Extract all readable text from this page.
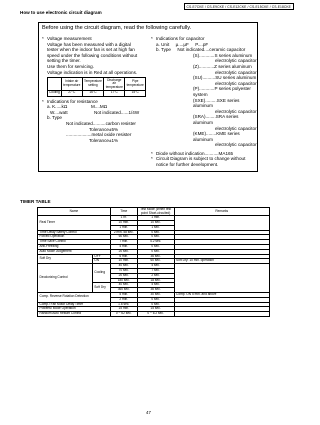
CS-E7CKE / CS-E9CKE / CS-E12CKE / CS-E15CKE / CS-E18CKE
How to use electronic circuit diagram
Before using the circuit diagram, read the following carefully.
* Voltage measurement
Voltage has been measured with a digital
tester when the indoor fan is set at high fan
speed under the following conditions without
setting the timer.
Use them for servicing.
Voltage indication is in Red at all operations.
	Intake air temperature	Temperature setting	Discharge air temperature	Pipe temperature
Cooling	27°C	16°C	17°C	15°C
* Indications for resistance
a. K.....kΩ	M....MΩ
W....watt	Not indicated......1/4W
b. Type
Not indicated..........carbon resister
Tolerance±5%
....................metal oxide resister
Tolerance±1%
* Indications for capacitor
a. Unit     μ....μF     P....pF
b. Type     Not indicated....ceramic capacitor
(S)............S series aluminum
electrolytic capacitor
(Z)............Z series aluminum
electrolytic capacitor
(SU)..........SU series aluminum
electrolytic capacitor
(P)............P series polyester system
(SXE).........SXE series aluminum
electrolytic capacitor
(SRA)........SRA series aluminum
electrolytic capacitor
(KME)........KME series aluminum
electrolytic capacitor
* Diode without indication...........MA165
* Circuit Diagram is subject to change without
notice for further development.
TIMER TABLE
Name		Time	Test Mode (When test point Short-circuited)	Remarks
Real Timer		1 hr.	1 min.	
		10 min.	10 sec.	
		1 min.	1 sec.	
Time Delay Safety Control		2 min. 58 sec.	0 sec.	
Forced Operation		60 sec.	0 sec.	
Time Save Control		7 min.	4.2 sec.	
Anti-Freezing		4 min.	0 sec.	
Auto Mode Judgement		20 sec.	0 sec.	
Soft Dry	OFF	6 min.	36 sec.	
	ON	10 min.	60 sec.	Soft Dry: 10 min. operation
Deodorizing Control	Cooling	40 sec.	4 sec.	
		70 sec.	7 sec.	
		20 sec.	2 sec.	
		180 sec.	18 sec.	
	Soft Dry	40 sec.	4 sec.	
		360 sec.	36 sec.	
Comp. Reverse Rotation Detection		5 min.	30 sec.	Comp. ON 5 min. and above
		2 min.	0 sec.	
Comp./ Fan Motor Delay Timer		1.6 sec.	0 sec.	
Powerful Mode Operation		15 min.	15 sec.	
Random Auto Restart Control		0 ~ 62 sec.	0 ~ 6.2 sec.	
47
